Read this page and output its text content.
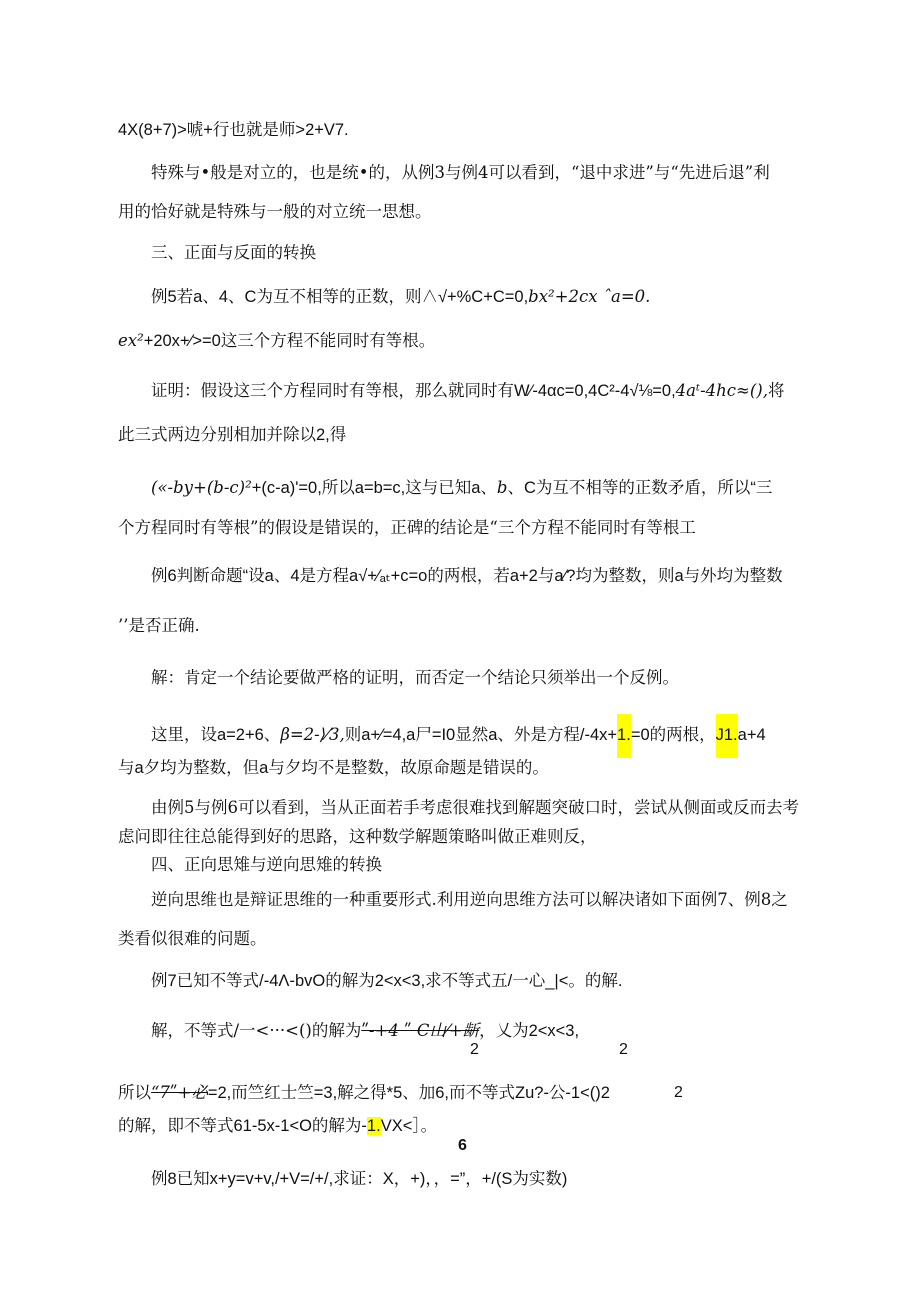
4X(8+7)>唬+行也就是师>2+V7.
特殊与•般是对立的，也是统•的，从例3与例4可以看到，“退中求进”与“先进后退”利
用的恰好就是特殊与一般的对立统一思想。
三、正面与反面的转换
例5若a、4、C为互不相等的正数，则∧√+%C+C=0,bx²+2cx ˆa=0.
ex²+20x+⁄>=0这三个方程不能同时有等根。
证明：假设这三个方程同时有等根，那么就同时有W⁄-4αc=0,4C²-4√⅛=0,4aᵗ-4hc≈(),将
此三式两边分别相加并除以2,得
(«-by+(b-c)²+(c-a)ʹ=0,所以a=b=c,这与已知a、b、C为互不相等的正数矛盾，所以“三
个方程同时有等根”的假设是错误的，正碑的结论是“三个方程不能同时有等根工
例6判断命题“设a、4是方程a√+⁄ₐₜ+c=o的两根，若a+2与a⁄?均为整数，则a与外均为整数
’’是否正确.
解：肯定一个结论要做严格的证明，而否定一个结论只须举出一个反例。
这里，设a=2+6、β=2-⟩⁄3,则a+⁄=4,a尸=I0显然a、外是方程/-4x+1.=0的两根，J1.a+4
与a夕均为整数，但a与夕均不是整数，故原命题是错误的。
由例5与例6可以看到，当从正面若手考虑很难找到解题突破口时，尝试从侧面或反而去考
虑问即往往总能得到好的思路，这种数学解题策略叫做正难则反，
四、正向思雉与逆向思雉的转换
逆向思维也是辩证思维的一种重要形式.利用逆向思维方法可以解决诸如下面例7、例8之
类看似很难的问题。
例7已知不等式/-4Λ-bvO的解为2<x<3,求不等式五/一心_|<。的解.
解，不等式/一<···<()的解为ʺ-+4 ʺ C山⁄+龂，乂为2<x<3,
2	2
所以“7ʺ+必=2,而竺红士竺=3,解之得*5、加6,而不等式Zu?-公-1<()2	2
的解，即不等式61-5x-1<O的解为-1.VX<］。
6
例8已知x+y=v+v,/+V=/+/,求证：X，+)，，=”，+/(S为实数)
